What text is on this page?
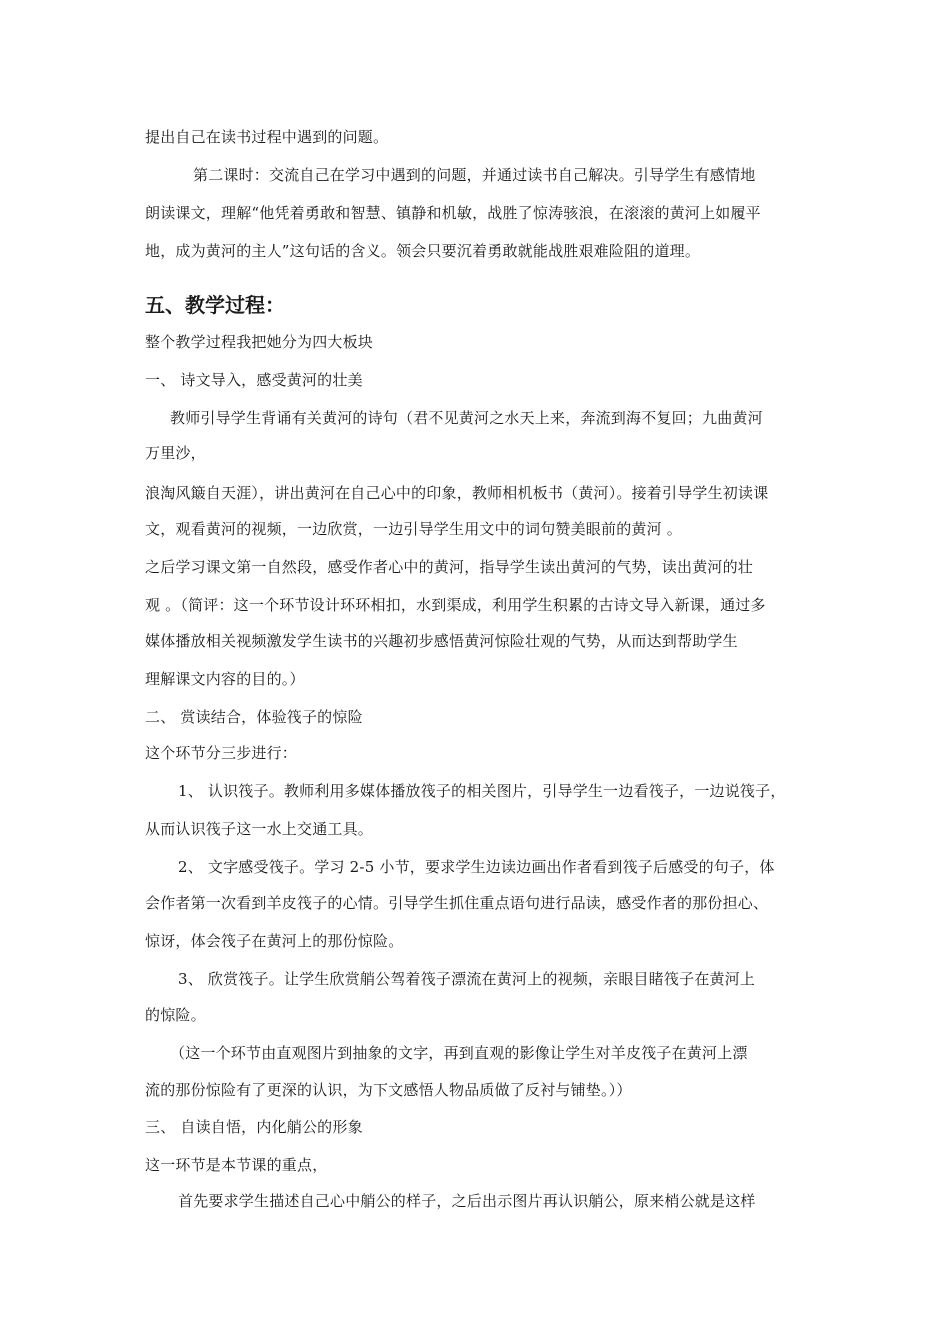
提出自己在读书过程中遇到的问题。
第二课时：交流自己在学习中遇到的问题，并通过读书自己解决。引导学生有感情地
朗读课文，理解“他凭着勇敢和智慧、镇静和机敏，战胜了惊涛骇浪，在滚滚的黄河上如履平
地，成为黄河的主人”这句话的含义。领会只要沉着勇敢就能战胜艰难险阻的道理。
五、教学过程：
整个教学过程我把她分为四大板块
一、 诗文导入，感受黄河的壮美
教师引导学生背诵有关黄河的诗句（君不见黄河之水天上来，奔流到海不复回；九曲黄河
万里沙，
浪淘风簸自天涯），讲出黄河在自己心中的印象，教师相机板书（黄河）。接着引导学生初读课
文，观看黄河的视频，一边欣赏，一边引导学生用文中的词句赞美眼前的黄河 。
之后学习课文第一自然段，感受作者心中的黄河，指导学生读出黄河的气势，读出黄河的壮
观 。（简评：这一个环节设计环环相扣，水到渠成，利用学生积累的古诗文导入新课，通过多
媒体播放相关视频激发学生读书的兴趣初步感悟黄河惊险壮观的气势，从而达到帮助学生
理解课文内容的目的。）
二、 赏读结合，体验筏子的惊险
这个环节分三步进行：
1、 认识筏子。教师利用多媒体播放筏子的相关图片，引导学生一边看筏子，一边说筏子，
从而认识筏子这一水上交通工具。
2、 文字感受筏子。学习 2-5 小节，要求学生边读边画出作者看到筏子后感受的句子，体
会作者第一次看到羊皮筏子的心情。引导学生抓住重点语句进行品读，感受作者的那份担心、
惊讶，体会筏子在黄河上的那份惊险。
3、 欣赏筏子。让学生欣赏艄公驾着筏子漂流在黄河上的视频，亲眼目睹筏子在黄河上
的惊险。
（这一个环节由直观图片到抽象的文字，再到直观的影像让学生对羊皮筏子在黄河上漂
流的那份惊险有了更深的认识，为下文感悟人物品质做了反衬与铺垫。））
三、 自读自悟，内化艄公的形象
这一环节是本节课的重点，
首先要求学生描述自己心中艄公的样子，之后出示图片再认识艄公，原来梢公就是这样
